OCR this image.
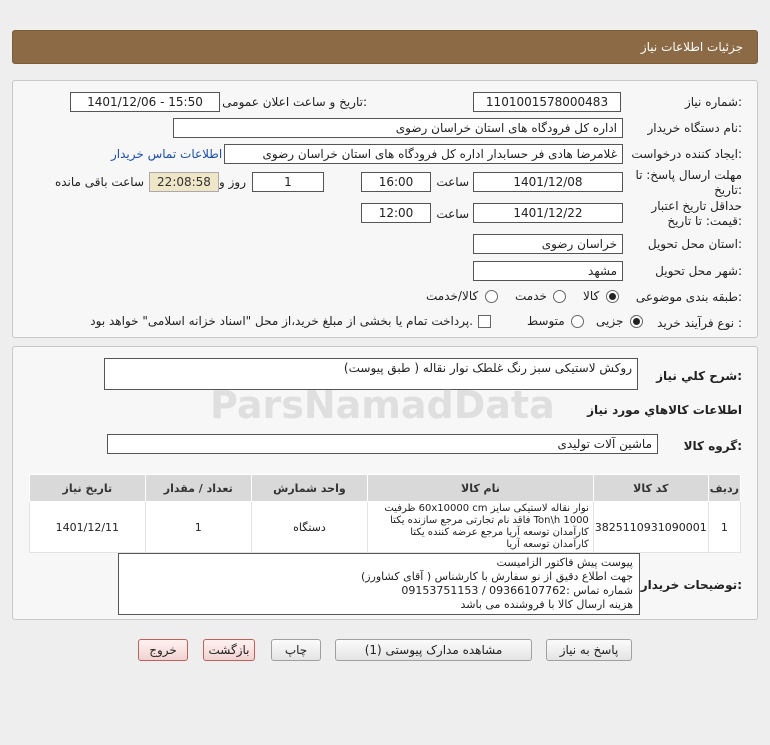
جزئیات اطلاعات نیاز
شماره نیاز:
1101001578000483
تاریخ و ساعت اعلان عمومی:
1401/12/06 - 15:50
نام دستگاه خریدار:
اداره کل فرودگاه های استان خراسان رضوی
ایجاد کننده درخواست:
غلامرضا هادی فر حسابدار اداره کل فرودگاه های استان خراسان رضوی
اطلاعات تماس خریدار
مهلت ارسال پاسخ: تا
تاریخ:
1401/12/08
ساعت
16:00
1
روز و
22:08:58
ساعت باقی مانده
حداقل تاریخ اعتبار
قیمت: تا تاریخ:
1401/12/22
ساعت
12:00
استان محل تحویل:
خراسان رضوی
شهر محل تحویل:
مشهد
طبقه بندی موضوعی:
کالا
خدمت
کالا/خدمت
نوع فرآیند خرید :
جزیی
متوسط
پرداخت تمام یا بخشی از مبلغ خرید،از محل "اسناد خزانه اسلامی" خواهد بود.
شرح کلي نياز:
روکش لاستیکی سبز رنگ غلطک نوار نقاله ( طبق پیوست)
اطلاعات کالاهاي مورد نياز
گروه کالا:
ماشین آلات تولیدی
ردیف	کد کالا	نام کالا	واحد شمارش	تعداد / مقدار	تاریخ نیاز
1	3825110931090001	نوار نقاله لاستیکی سایز 60x10000 cm ظرفیت Ton\h 1000 فاقد نام تجارتی مرجع سازنده یکتا کارآمدان توسعه آریا مرجع عرضه کننده یکتا کارآمدان توسعه آریا	دستگاه	1	1401/12/11
توضیحات خریدار:
پیوست پیش فاکتور الزامیست
جهت اطلاع دقیق از نو سفارش با کارشناس ( آقای کشاورز)
شماره تماس :09366107762 / 09153751153
هزینه ارسال کالا با فروشنده می باشد
ParsNamadData
پاسخ به نیاز
مشاهده مدارک پیوستی (1)
چاپ
بازگشت
خروج
